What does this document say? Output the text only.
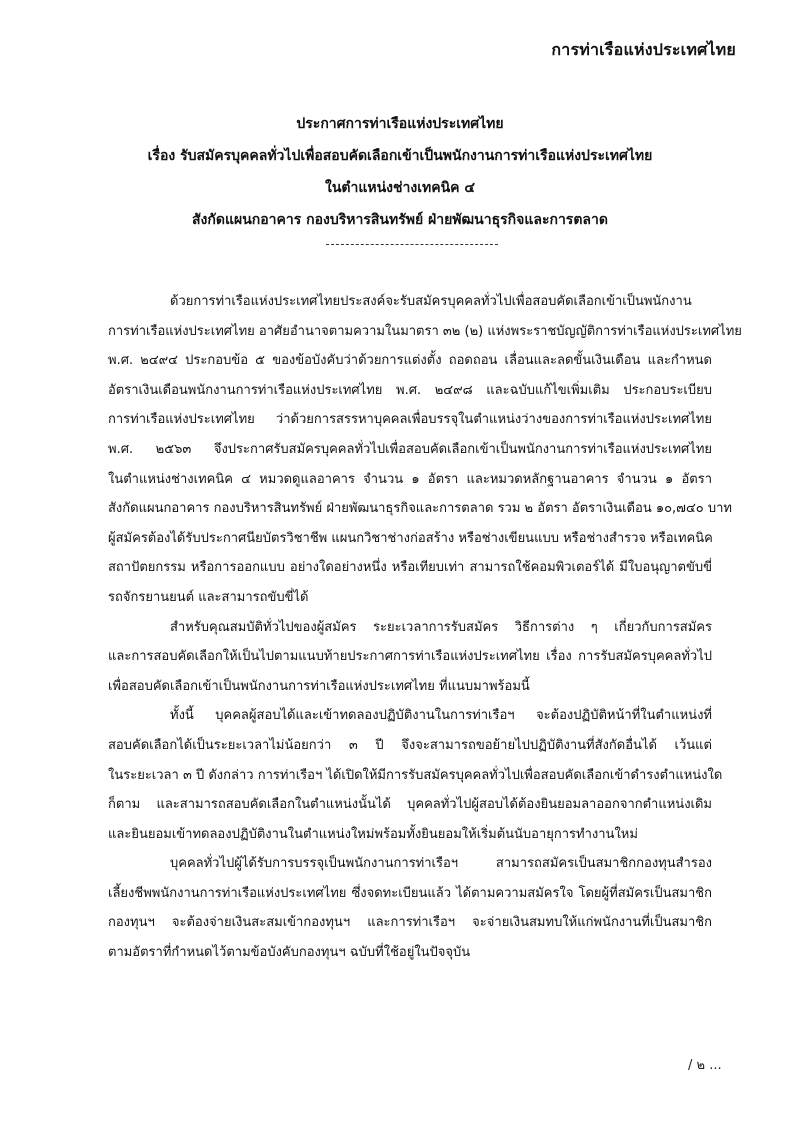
การท่าเรือแห่งประเทศไทย
ประกาศการท่าเรือแห่งประเทศไทย
เรื่อง รับสมัครบุคคลทั่วไปเพื่อสอบคัดเลือกเข้าเป็นพนักงานการท่าเรือแห่งประเทศไทย
ในตำแหน่งช่างเทคนิค ๔
สังกัดแผนกอาคาร กองบริหารสินทรัพย์ ฝ่ายพัฒนาธุรกิจและการตลาด
ด้วยการท่าเรือแห่งประเทศไทยประสงค์จะรับสมัครบุคคลทั่วไปเพื่อสอบคัดเลือกเข้าเป็นพนักงาน
การท่าเรือแห่งประเทศไทย อาศัยอำนาจตามความในมาตรา ๓๒ (๒) แห่งพระราชบัญญัติการท่าเรือแห่งประเทศไทย
พ.ศ. ๒๔๙๔ ประกอบข้อ ๕ ของข้อบังคับว่าด้วยการแต่งตั้ง ถอดถอน เลื่อนและลดขั้นเงินเดือน และกำหนด
อัตราเงินเดือนพนักงานการท่าเรือแห่งประเทศไทย พ.ศ. ๒๔๙๘ และฉบับแก้ไขเพิ่มเติม ประกอบระเบียบ
การท่าเรือแห่งประเทศไทย ว่าด้วยการสรรหาบุคคลเพื่อบรรจุในตำแหน่งว่างของการท่าเรือแห่งประเทศไทย
พ.ศ. ๒๕๖๓ จึงประกาศรับสมัครบุคคลทั่วไปเพื่อสอบคัดเลือกเข้าเป็นพนักงานการท่าเรือแห่งประเทศไทย
ในตำแหน่งช่างเทคนิค ๔ หมวดดูแลอาคาร จำนวน ๑ อัตรา และหมวดหลักฐานอาคาร จำนวน ๑ อัตรา
สังกัดแผนกอาคาร กองบริหารสินทรัพย์ ฝ่ายพัฒนาธุรกิจและการตลาด รวม ๒ อัตรา อัตราเงินเดือน ๑๐,๗๔๐ บาท
ผู้สมัครต้องได้รับประกาศนียบัตรวิชาชีพ แผนกวิชาช่างก่อสร้าง หรือช่างเขียนแบบ หรือช่างสำรวจ หรือเทคนิค
สถาปัตยกรรม หรือการออกแบบ อย่างใดอย่างหนึ่ง หรือเทียบเท่า สามารถใช้คอมพิวเตอร์ได้ มีใบอนุญาตขับขี่
รถจักรยานยนต์ และสามารถขับขี่ได้
สำหรับคุณสมบัติทั่วไปของผู้สมัคร ระยะเวลาการรับสมัคร วิธีการต่าง ๆ เกี่ยวกับการสมัคร
และการสอบคัดเลือกให้เป็นไปตามแนบท้ายประกาศการท่าเรือแห่งประเทศไทย เรื่อง การรับสมัครบุคคลทั่วไป
เพื่อสอบคัดเลือกเข้าเป็นพนักงานการท่าเรือแห่งประเทศไทย ที่แนบมาพร้อมนี้
ทั้งนี้ บุคคลผู้สอบได้และเข้าทดลองปฏิบัติงานในการท่าเรือฯ จะต้องปฏิบัติหน้าที่ในตำแหน่งที่
สอบคัดเลือกได้เป็นระยะเวลาไม่น้อยกว่า ๓ ปี จึงจะสามารถขอย้ายไปปฏิบัติงานที่สังกัดอื่นได้ เว้นแต่
ในระยะเวลา ๓ ปี ดังกล่าว การท่าเรือฯ ได้เปิดให้มีการรับสมัครบุคคลทั่วไปเพื่อสอบคัดเลือกเข้าดำรงตำแหน่งใด
ก็ตาม และสามารถสอบคัดเลือกในตำแหน่งนั้นได้ บุคคลทั่วไปผู้สอบได้ต้องยินยอมลาออกจากตำแหน่งเดิม
และยินยอมเข้าทดลองปฏิบัติงานในตำแหน่งใหม่พร้อมทั้งยินยอมให้เริ่มต้นนับอายุการทำงานใหม่
บุคคลทั่วไปผู้ได้รับการบรรจุเป็นพนักงานการท่าเรือฯ สามารถสมัครเป็นสมาชิกกองทุนสำรอง
เลี้ยงชีพพนักงานการท่าเรือแห่งประเทศไทย ซึ่งจดทะเบียนแล้ว ได้ตามความสมัครใจ โดยผู้ที่สมัครเป็นสมาชิก
กองทุนฯ จะต้องจ่ายเงินสะสมเข้ากองทุนฯ และการท่าเรือฯ จะจ่ายเงินสมทบให้แก่พนักงานที่เป็นสมาชิก
ตามอัตราที่กำหนดไว้ตามข้อบังคับกองทุนฯ ฉบับที่ใช้อยู่ในปัจจุบัน
/ ๒ ...
